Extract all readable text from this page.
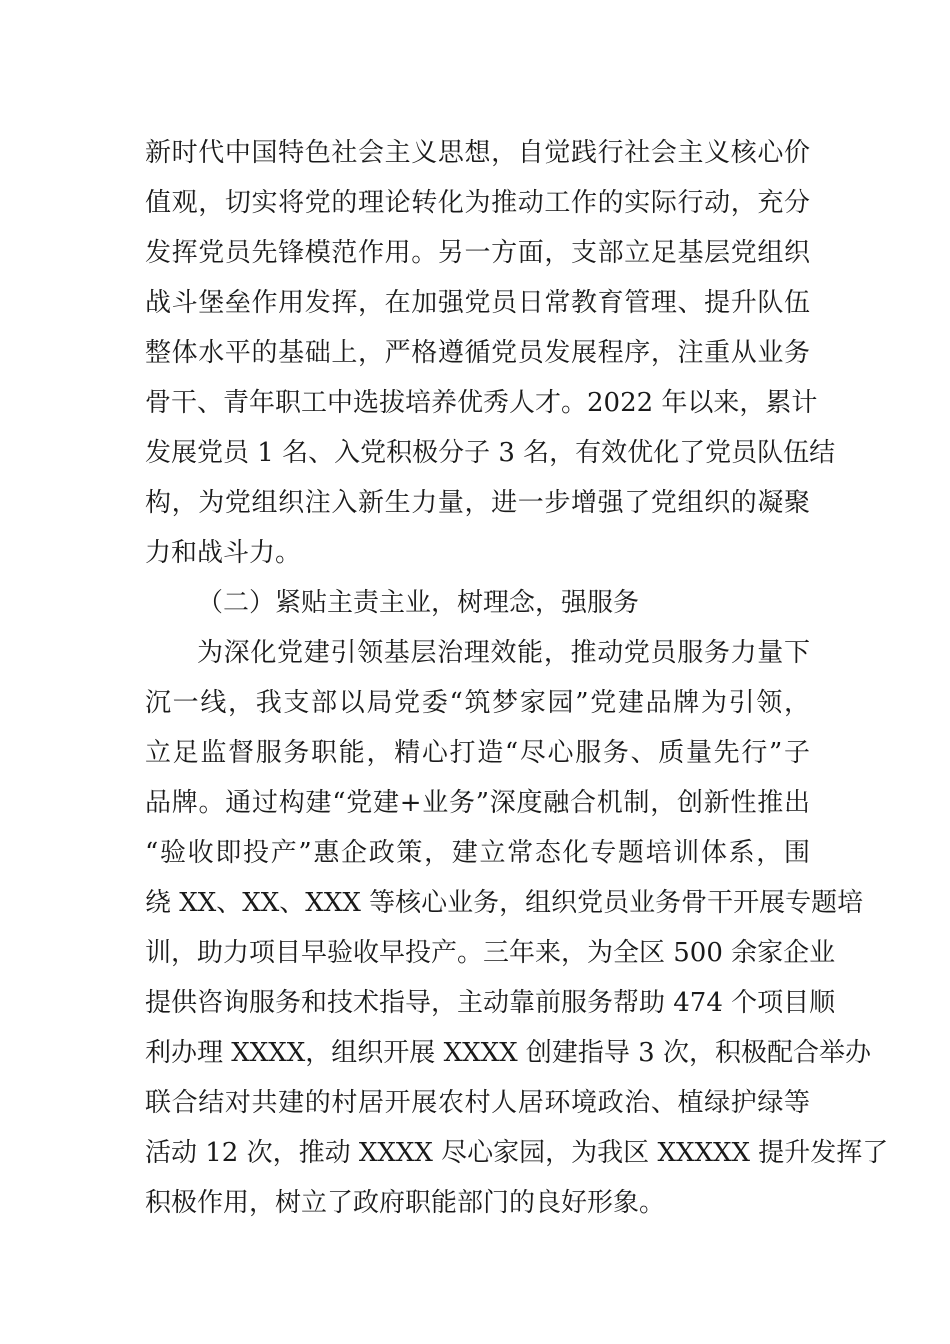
新时代中国特色社会主义思想，自觉践行社会主义核心价
值观，切实将党的理论转化为推动工作的实际行动，充分
发挥党员先锋模范作用。另一方面，支部立足基层党组织
战斗堡垒作用发挥，在加强党员日常教育管理、提升队伍
整体水平的基础上，严格遵循党员发展程序，注重从业务
骨干、青年职工中选拔培养优秀人才。2022 年以来，累计
发展党员 1 名、入党积极分子 3 名，有效优化了党员队伍结
构，为党组织注入新生力量，进一步增强了党组织的凝聚
力和战斗力。
（二）紧贴主责主业，树理念，强服务
为深化党建引领基层治理效能，推动党员服务力量下
沉一线，我支部以局党委“筑梦家园”党建品牌为引领，
立足监督服务职能，精心打造“尽心服务、质量先行”子
品牌。通过构建“党建+业务”深度融合机制，创新性推出
“验收即投产”惠企政策，建立常态化专题培训体系，围
绕 XX、XX、XXX 等核心业务，组织党员业务骨干开展专题培
训，助力项目早验收早投产。三年来，为全区 500 余家企业
提供咨询服务和技术指导，主动靠前服务帮助 474 个项目顺
利办理 XXXX，组织开展 XXXX 创建指导 3 次，积极配合举办
联合结对共建的村居开展农村人居环境政治、植绿护绿等
活动 12 次，推动 XXXX 尽心家园，为我区 XXXXX 提升发挥了
积极作用，树立了政府职能部门的良好形象。
